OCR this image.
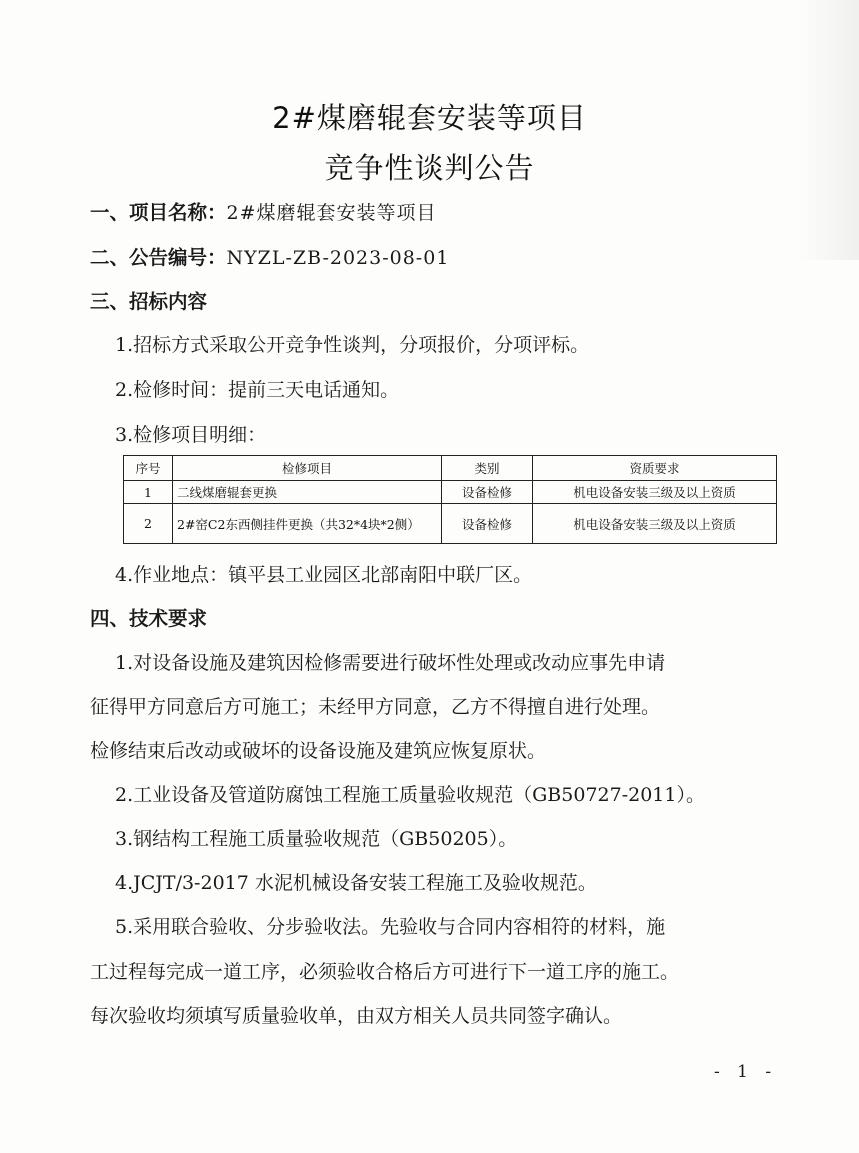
2#煤磨辊套安装等项目
竞争性谈判公告
一、项目名称：2#煤磨辊套安装等项目
二、公告编号：NYZL-ZB-2023-08-01
三、招标内容
1.招标方式采取公开竞争性谈判，分项报价，分项评标。
2.检修时间：提前三天电话通知。
3.检修项目明细：
序号	检修项目	类别	资质要求
1	二线煤磨辊套更换	设备检修	机电设备安装三级及以上资质
2	2#窑C2东西侧挂件更换（共32*4块*2侧）	设备检修	机电设备安装三级及以上资质
4.作业地点：镇平县工业园区北部南阳中联厂区。
四、技术要求
1.对设备设施及建筑因检修需要进行破坏性处理或改动应事先申请
征得甲方同意后方可施工；未经甲方同意，乙方不得擅自进行处理。
检修结束后改动或破坏的设备设施及建筑应恢复原状。
2.工业设备及管道防腐蚀工程施工质量验收规范（GB50727-2011）。
3.钢结构工程施工质量验收规范（GB50205）。
4.JCJT/3-2017 水泥机械设备安装工程施工及验收规范。
5.采用联合验收、分步验收法。先验收与合同内容相符的材料，施
工过程每完成一道工序，必须验收合格后方可进行下一道工序的施工。
每次验收均须填写质量验收单，由双方相关人员共同签字确认。
- 1 -
